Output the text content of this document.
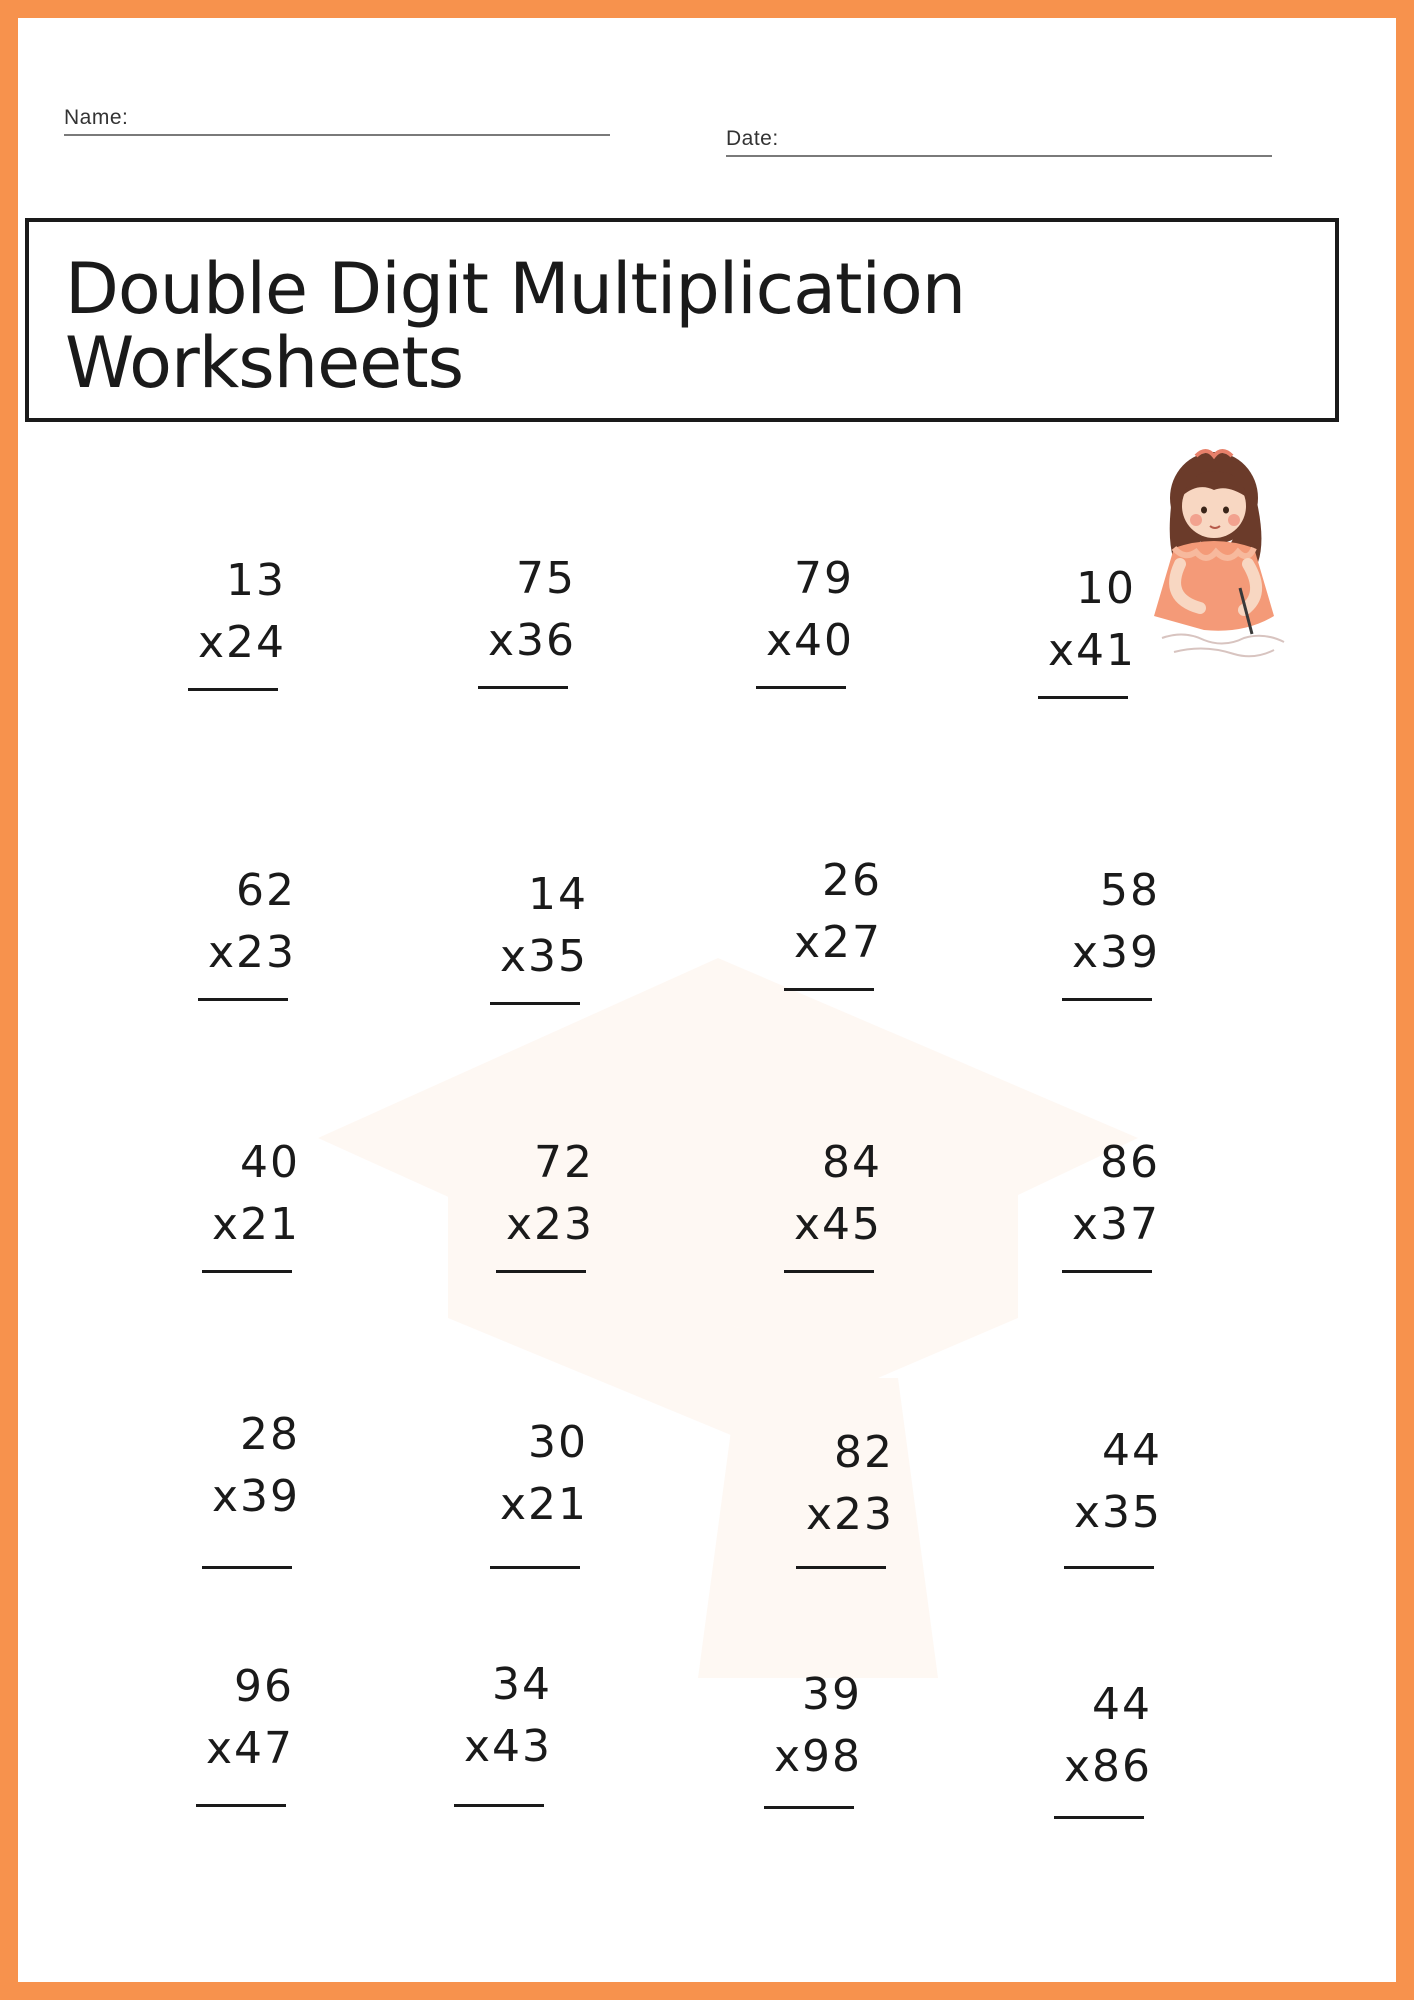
Name:
Date:
Double Digit Multiplication Worksheets
13
x24
75
x36
79
x40
10
x41
62
x23
14
x35
26
x27
58
x39
40
x21
72
x23
84
x45
86
x37
28
x39
30
x21
82
x23
44
x35
96
x47
34
x43
39
x98
44
x86
